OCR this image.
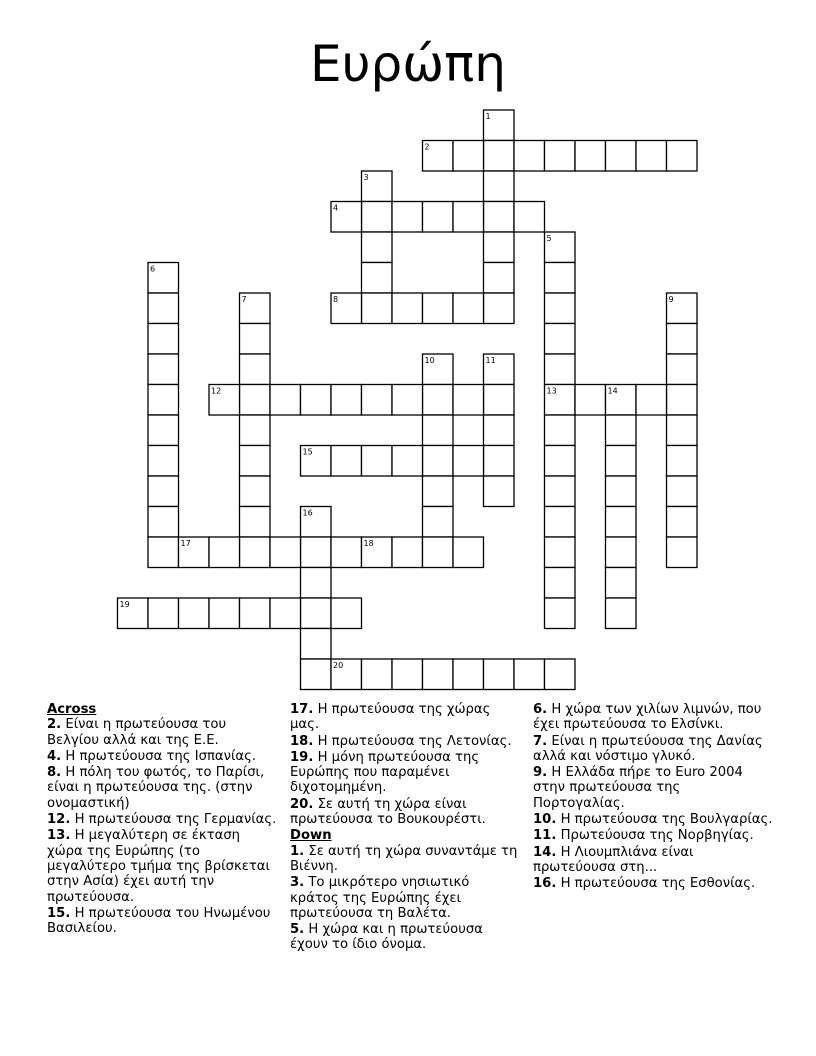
Ευρώπη
1
2
3
4
5
6
7	8	9
10	11
12	13	14
15
16
17	18
19
20
Across
2. Είναι η πρωτεύουσα του Βελγίου αλλά και της Ε.Ε.
4. Η πρωτεύουσα της Ισπανίας.
8. Η πόλη του φωτός, το Παρίσι, είναι η πρωτεύουσα της. (στην ονομαστική)
12. Η πρωτεύουσα της Γερμανίας.
13. Η μεγαλύτερη σε έκταση χώρα της Ευρώπης (το μεγαλύτερο τμήμα της βρίσκεται στην Ασία) έχει αυτή την πρωτεύουσα.
15. Η πρωτεύουσα του Ηνωμένου Βασιλείου.
17. Η πρωτεύουσα της χώρας μας.
18. Η πρωτεύουσα της Λετονίας.
19. Η μόνη πρωτεύουσα της Ευρώπης που παραμένει διχοτομημένη.
20. Σε αυτή τη χώρα είναι πρωτεύουσα το Βουκουρέστι.
Down
1. Σε αυτή τη χώρα συναντάμε τη Βιέννη.
3. Το μικρότερο νησιωτικό κράτος της Ευρώπης έχει πρωτεύουσα τη Βαλέτα.
5. Η χώρα και η πρωτεύουσα έχουν το ίδιο όνομα.
6. Η χώρα των χιλίων λιμνών, που έχει πρωτεύουσα το Ελσίνκι.
7. Είναι η πρωτεύουσα της Δανίας αλλά και νόστιμο γλυκό.
9. Η Ελλάδα πήρε το Euro 2004 στην πρωτεύουσα της Πορτογαλίας.
10. Η πρωτεύουσα της Βουλγαρίας.
11. Πρωτεύουσα της Νορβηγίας.
14. Η Λιουμπλιάνα είναι πρωτεύουσα στη...
16. Η πρωτεύουσα της Εσθονίας.
